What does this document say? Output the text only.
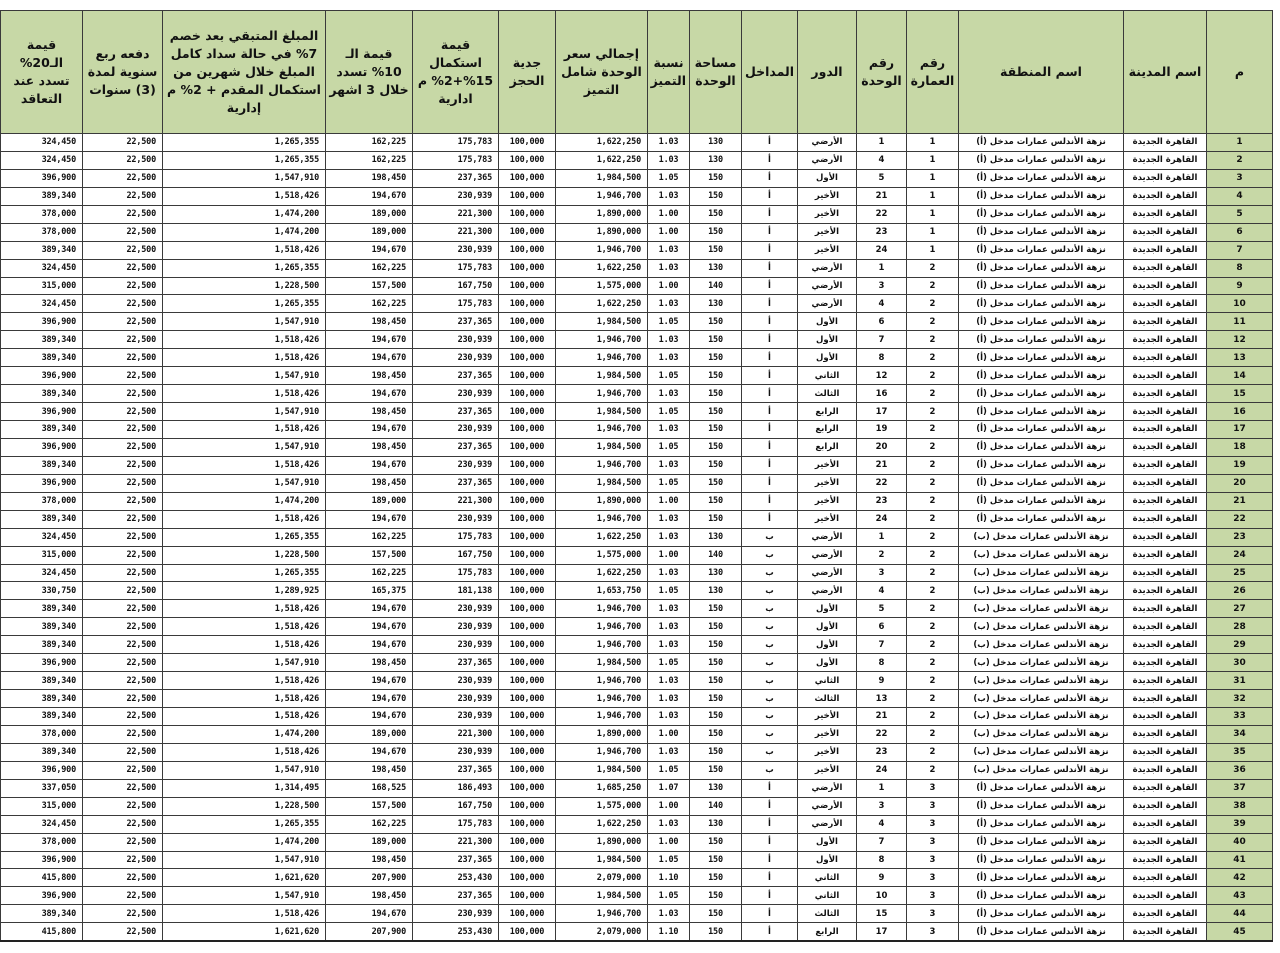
قيمة الـ20% تسدد عند التعاقد	دفعه ربع سنوية لمدة (3) سنوات	المبلغ المتبقي بعد خصم 7% في حالة سداد كامل المبلغ خلال شهرين من استكمال المقدم + 2% م إدارية	قيمة الـ 10% تسدد خلال 3 اشهر	قيمة استكمال 15%+2% م ادارية	جدية الحجز	إجمالي سعر الوحدة شامل التميز	نسبة التميز	مساحة الوحدة	المداخل	الدور	رقم الوحدة	رقم العمارة	اسم المنطقة	اسم المدينة	م
324,450	22,500	1,265,355	162,225	175,783	100,000	1,622,250	1.03	130	أ	الأرضي	1	1	نزهة الأندلس عمارات مدخل (أ)	القاهرة الجديدة	1
324,450	22,500	1,265,355	162,225	175,783	100,000	1,622,250	1.03	130	أ	الأرضي	4	1	نزهة الأندلس عمارات مدخل (أ)	القاهرة الجديدة	2
396,900	22,500	1,547,910	198,450	237,365	100,000	1,984,500	1.05	150	أ	الأول	5	1	نزهة الأندلس عمارات مدخل (أ)	القاهرة الجديدة	3
389,340	22,500	1,518,426	194,670	230,939	100,000	1,946,700	1.03	150	أ	الأخير	21	1	نزهة الأندلس عمارات مدخل (أ)	القاهرة الجديدة	4
378,000	22,500	1,474,200	189,000	221,300	100,000	1,890,000	1.00	150	أ	الأخير	22	1	نزهة الأندلس عمارات مدخل (أ)	القاهرة الجديدة	5
378,000	22,500	1,474,200	189,000	221,300	100,000	1,890,000	1.00	150	أ	الأخير	23	1	نزهة الأندلس عمارات مدخل (أ)	القاهرة الجديدة	6
389,340	22,500	1,518,426	194,670	230,939	100,000	1,946,700	1.03	150	أ	الأخير	24	1	نزهة الأندلس عمارات مدخل (أ)	القاهرة الجديدة	7
324,450	22,500	1,265,355	162,225	175,783	100,000	1,622,250	1.03	130	أ	الأرضي	1	2	نزهة الأندلس عمارات مدخل (أ)	القاهرة الجديدة	8
315,000	22,500	1,228,500	157,500	167,750	100,000	1,575,000	1.00	140	أ	الأرضي	3	2	نزهة الأندلس عمارات مدخل (أ)	القاهرة الجديدة	9
324,450	22,500	1,265,355	162,225	175,783	100,000	1,622,250	1.03	130	أ	الأرضي	4	2	نزهة الأندلس عمارات مدخل (أ)	القاهرة الجديدة	10
396,900	22,500	1,547,910	198,450	237,365	100,000	1,984,500	1.05	150	أ	الأول	6	2	نزهة الأندلس عمارات مدخل (أ)	القاهرة الجديدة	11
389,340	22,500	1,518,426	194,670	230,939	100,000	1,946,700	1.03	150	أ	الأول	7	2	نزهة الأندلس عمارات مدخل (أ)	القاهرة الجديدة	12
389,340	22,500	1,518,426	194,670	230,939	100,000	1,946,700	1.03	150	أ	الأول	8	2	نزهة الأندلس عمارات مدخل (أ)	القاهرة الجديدة	13
396,900	22,500	1,547,910	198,450	237,365	100,000	1,984,500	1.05	150	أ	الثاني	12	2	نزهة الأندلس عمارات مدخل (أ)	القاهرة الجديدة	14
389,340	22,500	1,518,426	194,670	230,939	100,000	1,946,700	1.03	150	أ	الثالث	16	2	نزهة الأندلس عمارات مدخل (أ)	القاهرة الجديدة	15
396,900	22,500	1,547,910	198,450	237,365	100,000	1,984,500	1.05	150	أ	الرابع	17	2	نزهة الأندلس عمارات مدخل (أ)	القاهرة الجديدة	16
389,340	22,500	1,518,426	194,670	230,939	100,000	1,946,700	1.03	150	أ	الرابع	19	2	نزهة الأندلس عمارات مدخل (أ)	القاهرة الجديدة	17
396,900	22,500	1,547,910	198,450	237,365	100,000	1,984,500	1.05	150	أ	الرابع	20	2	نزهة الأندلس عمارات مدخل (أ)	القاهرة الجديدة	18
389,340	22,500	1,518,426	194,670	230,939	100,000	1,946,700	1.03	150	أ	الأخير	21	2	نزهة الأندلس عمارات مدخل (أ)	القاهرة الجديدة	19
396,900	22,500	1,547,910	198,450	237,365	100,000	1,984,500	1.05	150	أ	الأخير	22	2	نزهة الأندلس عمارات مدخل (أ)	القاهرة الجديدة	20
378,000	22,500	1,474,200	189,000	221,300	100,000	1,890,000	1.00	150	أ	الأخير	23	2	نزهة الأندلس عمارات مدخل (أ)	القاهرة الجديدة	21
389,340	22,500	1,518,426	194,670	230,939	100,000	1,946,700	1.03	150	أ	الأخير	24	2	نزهة الأندلس عمارات مدخل (أ)	القاهرة الجديدة	22
324,450	22,500	1,265,355	162,225	175,783	100,000	1,622,250	1.03	130	ب	الأرضي	1	2	نزهة الأندلس عمارات مدخل (ب)	القاهرة الجديدة	23
315,000	22,500	1,228,500	157,500	167,750	100,000	1,575,000	1.00	140	ب	الأرضي	2	2	نزهة الأندلس عمارات مدخل (ب)	القاهرة الجديدة	24
324,450	22,500	1,265,355	162,225	175,783	100,000	1,622,250	1.03	130	ب	الأرضي	3	2	نزهة الأندلس عمارات مدخل (ب)	القاهرة الجديدة	25
330,750	22,500	1,289,925	165,375	181,138	100,000	1,653,750	1.05	130	ب	الأرضي	4	2	نزهة الأندلس عمارات مدخل (ب)	القاهرة الجديدة	26
389,340	22,500	1,518,426	194,670	230,939	100,000	1,946,700	1.03	150	ب	الأول	5	2	نزهة الأندلس عمارات مدخل (ب)	القاهرة الجديدة	27
389,340	22,500	1,518,426	194,670	230,939	100,000	1,946,700	1.03	150	ب	الأول	6	2	نزهة الأندلس عمارات مدخل (ب)	القاهرة الجديدة	28
389,340	22,500	1,518,426	194,670	230,939	100,000	1,946,700	1.03	150	ب	الأول	7	2	نزهة الأندلس عمارات مدخل (ب)	القاهرة الجديدة	29
396,900	22,500	1,547,910	198,450	237,365	100,000	1,984,500	1.05	150	ب	الأول	8	2	نزهة الأندلس عمارات مدخل (ب)	القاهرة الجديدة	30
389,340	22,500	1,518,426	194,670	230,939	100,000	1,946,700	1.03	150	ب	الثاني	9	2	نزهة الأندلس عمارات مدخل (ب)	القاهرة الجديدة	31
389,340	22,500	1,518,426	194,670	230,939	100,000	1,946,700	1.03	150	ب	الثالث	13	2	نزهة الأندلس عمارات مدخل (ب)	القاهرة الجديدة	32
389,340	22,500	1,518,426	194,670	230,939	100,000	1,946,700	1.03	150	ب	الأخير	21	2	نزهة الأندلس عمارات مدخل (ب)	القاهرة الجديدة	33
378,000	22,500	1,474,200	189,000	221,300	100,000	1,890,000	1.00	150	ب	الأخير	22	2	نزهة الأندلس عمارات مدخل (ب)	القاهرة الجديدة	34
389,340	22,500	1,518,426	194,670	230,939	100,000	1,946,700	1.03	150	ب	الأخير	23	2	نزهة الأندلس عمارات مدخل (ب)	القاهرة الجديدة	35
396,900	22,500	1,547,910	198,450	237,365	100,000	1,984,500	1.05	150	ب	الأخير	24	2	نزهة الأندلس عمارات مدخل (ب)	القاهرة الجديدة	36
337,050	22,500	1,314,495	168,525	186,493	100,000	1,685,250	1.07	130	أ	الأرضي	1	3	نزهة الأندلس عمارات مدخل (أ)	القاهرة الجديدة	37
315,000	22,500	1,228,500	157,500	167,750	100,000	1,575,000	1.00	140	أ	الأرضي	3	3	نزهة الأندلس عمارات مدخل (أ)	القاهرة الجديدة	38
324,450	22,500	1,265,355	162,225	175,783	100,000	1,622,250	1.03	130	أ	الأرضي	4	3	نزهة الأندلس عمارات مدخل (أ)	القاهرة الجديدة	39
378,000	22,500	1,474,200	189,000	221,300	100,000	1,890,000	1.00	150	أ	الأول	7	3	نزهة الأندلس عمارات مدخل (أ)	القاهرة الجديدة	40
396,900	22,500	1,547,910	198,450	237,365	100,000	1,984,500	1.05	150	أ	الأول	8	3	نزهة الأندلس عمارات مدخل (أ)	القاهرة الجديدة	41
415,800	22,500	1,621,620	207,900	253,430	100,000	2,079,000	1.10	150	أ	الثاني	9	3	نزهة الأندلس عمارات مدخل (أ)	القاهرة الجديدة	42
396,900	22,500	1,547,910	198,450	237,365	100,000	1,984,500	1.05	150	أ	الثاني	10	3	نزهة الأندلس عمارات مدخل (أ)	القاهرة الجديدة	43
389,340	22,500	1,518,426	194,670	230,939	100,000	1,946,700	1.03	150	أ	الثالث	15	3	نزهة الأندلس عمارات مدخل (أ)	القاهرة الجديدة	44
415,800	22,500	1,621,620	207,900	253,430	100,000	2,079,000	1.10	150	أ	الرابع	17	3	نزهة الأندلس عمارات مدخل (أ)	القاهرة الجديدة	45
